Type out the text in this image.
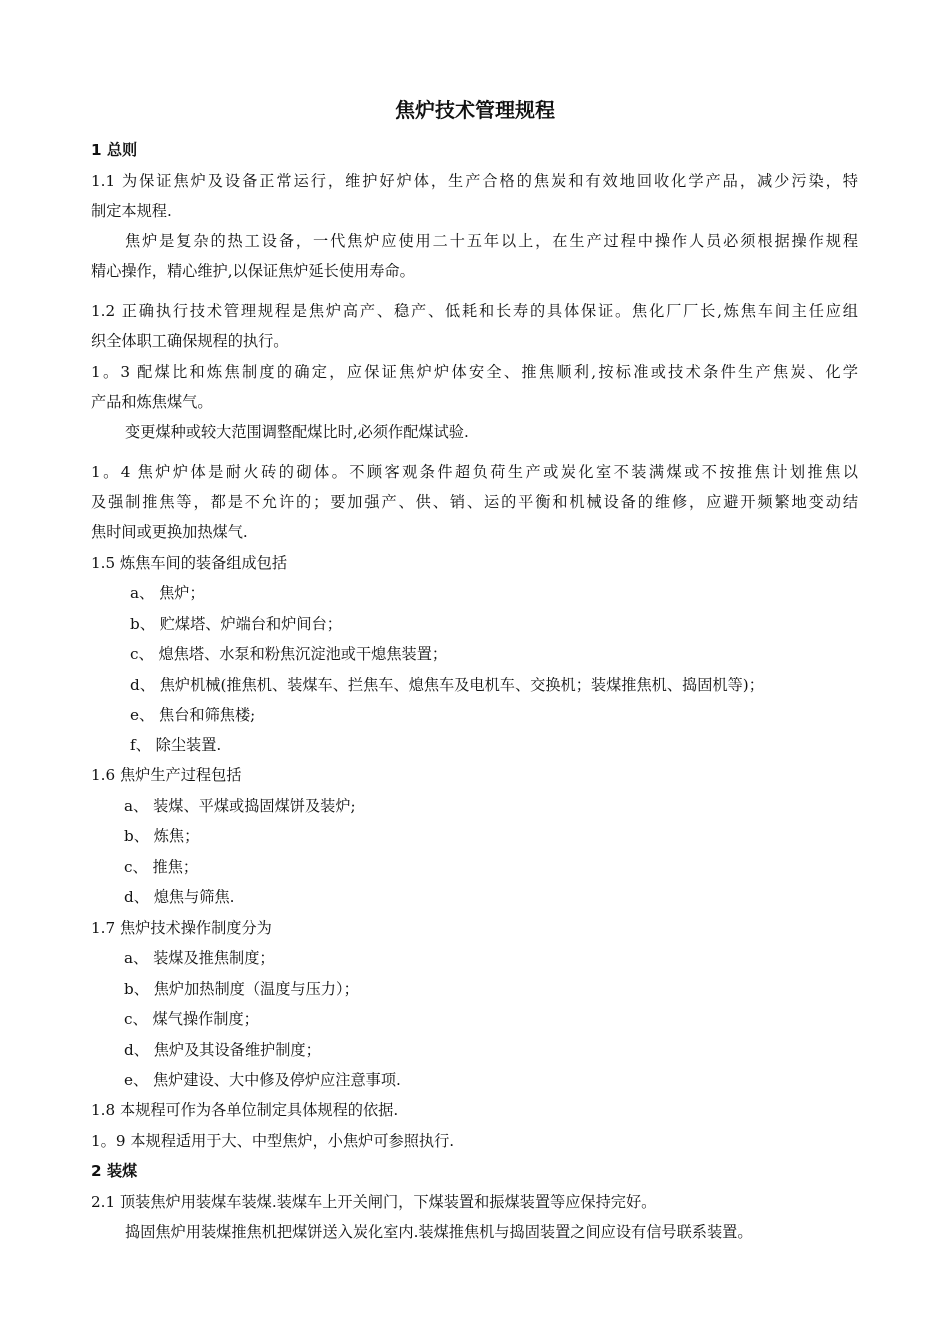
焦炉技术管理规程
1 总则
1.1 为保证焦炉及设备正常运行，维护好炉体，生产合格的焦炭和有效地回收化学产品，减少污染，特
制定本规程.
焦炉是复杂的热工设备，一代焦炉应使用二十五年以上，在生产过程中操作人员必须根据操作规程
精心操作，精心维护,以保证焦炉延长使用寿命。
1.2 正确执行技术管理规程是焦炉高产、稳产、低耗和长寿的具体保证。焦化厂厂长,炼焦车间主任应组
织全体职工确保规程的执行。
1。3 配煤比和炼焦制度的确定，应保证焦炉炉体安全、推焦顺利,按标准或技术条件生产焦炭、化学
产品和炼焦煤气。
变更煤种或较大范围调整配煤比时,必须作配煤试验.
1。4 焦炉炉体是耐火砖的砌体。不顾客观条件超负荷生产或炭化室不装满煤或不按推焦计划推焦以
及强制推焦等，都是不允许的；要加强产、供、销、运的平衡和机械设备的维修，应避开频繁地变动结
焦时间或更换加热煤气.
1.5 炼焦车间的装备组成包括
a、 焦炉；
b、 贮煤塔、炉端台和炉间台；
c、 熄焦塔、水泵和粉焦沉淀池或干熄焦装置；
d、 焦炉机械(推焦机、装煤车、拦焦车、熄焦车及电机车、交换机；装煤推焦机、捣固机等)；
e、 焦台和筛焦楼;
f、 除尘装置.
1.6 焦炉生产过程包括
a、 装煤、平煤或捣固煤饼及装炉;
b、 炼焦；
c、 推焦；
d、 熄焦与筛焦.
1.7 焦炉技术操作制度分为
a、 装煤及推焦制度；
b、 焦炉加热制度（温度与压力）；
c、 煤气操作制度；
d、 焦炉及其设备维护制度；
e、 焦炉建设、大中修及停炉应注意事项.
1.8 本规程可作为各单位制定具体规程的依据.
1。9 本规程适用于大、中型焦炉，小焦炉可参照执行.
2 装煤
2.1 顶装焦炉用装煤车装煤.装煤车上开关闸门，下煤装置和振煤装置等应保持完好。
捣固焦炉用装煤推焦机把煤饼送入炭化室内.装煤推焦机与捣固装置之间应设有信号联系装置。
